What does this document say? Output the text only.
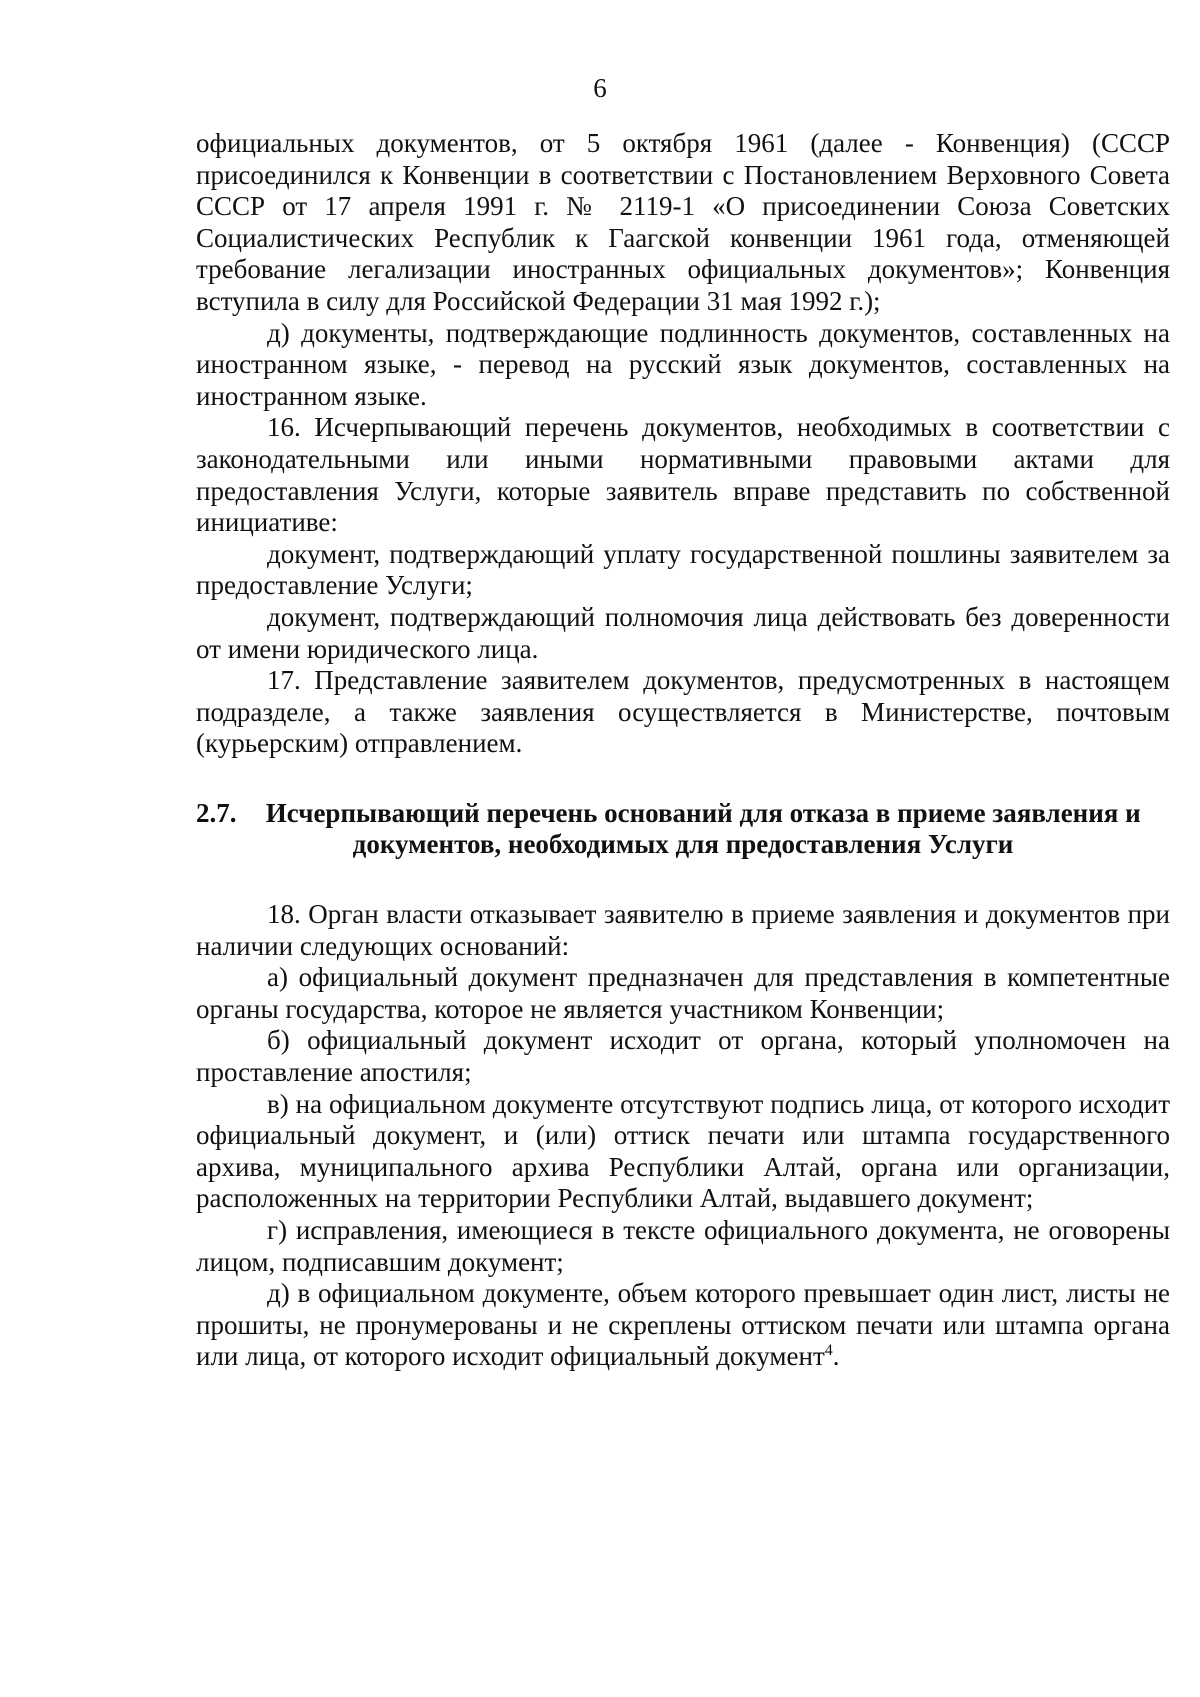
6

официальных документов, от 5 октября 1961 (далее - Конвенция) (СССР присоединился к Конвенции в соответствии с Постановлением Верховного Совета СССР от 17 апреля 1991 г. № 2119-1 «О присоединении Союза Советских Социалистических Республик к Гаагской конвенции 1961 года, отменяющей требование легализации иностранных официальных документов»; Конвенция вступила в силу для Российской Федерации 31 мая 1992 г.);

д) документы, подтверждающие подлинность документов, составленных на иностранном языке, - перевод на русский язык документов, составленных на иностранном языке.

16. Исчерпывающий перечень документов, необходимых в соответствии с законодательными или иными нормативными правовыми актами для предоставления Услуги, которые заявитель вправе представить по собственной инициативе:

документ, подтверждающий уплату государственной пошлины заявителем за предоставление Услуги;

документ, подтверждающий полномочия лица действовать без доверенности от имени юридического лица.

17. Представление заявителем документов, предусмотренных в настоящем подразделе, а также заявления осуществляется в Министерстве, почтовым (курьерским) отправлением.

2.7. Исчерпывающий перечень оснований для отказа в приеме заявления и документов, необходимых для предоставления Услуги

18. Орган власти отказывает заявителю в приеме заявления и документов при наличии следующих оснований:

а) официальный документ предназначен для представления в компетентные органы государства, которое не является участником Конвенции;

б) официальный документ исходит от органа, который уполномочен на проставление апостиля;

в) на официальном документе отсутствуют подпись лица, от которого исходит официальный документ, и (или) оттиск печати или штампа государственного архива, муниципального архива Республики Алтай, органа или организации, расположенных на территории Республики Алтай, выдавшего документ;

г) исправления, имеющиеся в тексте официального документа, не оговорены лицом, подписавшим документ;

д) в официальном документе, объем которого превышает один лист, листы не прошиты, не пронумерованы и не скреплены оттиском печати или штампа органа или лица, от которого исходит официальный документ$^4$.
